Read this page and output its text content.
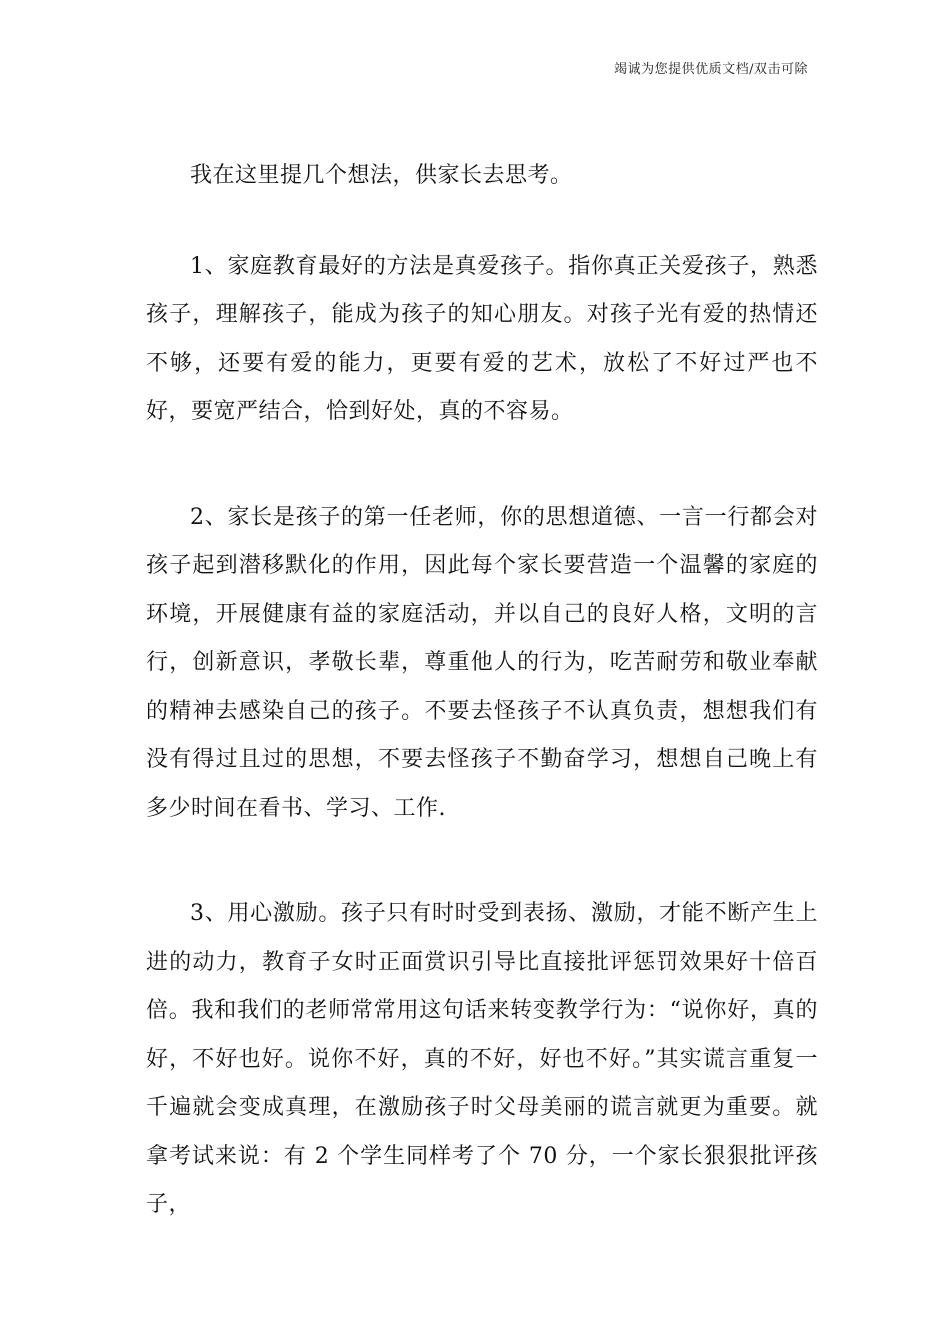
竭诚为您提供优质文档/双击可除

我在这里提几个想法，供家长去思考。

1、家庭教育最好的方法是真爱孩子。指你真正关爱孩子，熟悉孩子，理解孩子，能成为孩子的知心朋友。对孩子光有爱的热情还不够，还要有爱的能力，更要有爱的艺术，放松了不好过严也不好，要宽严结合，恰到好处，真的不容易。

2、家长是孩子的第一任老师，你的思想道德、一言一行都会对孩子起到潜移默化的作用，因此每个家长要营造一个温馨的家庭的环境，开展健康有益的家庭活动，并以自己的良好人格，文明的言行，创新意识，孝敬长辈，尊重他人的行为，吃苦耐劳和敬业奉献的精神去感染自己的孩子。不要去怪孩子不认真负责，想想我们有没有得过且过的思想，不要去怪孩子不勤奋学习，想想自己晚上有多少时间在看书、学习、工作.

3、用心激励。孩子只有时时受到表扬、激励，才能不断产生上进的动力，教育子女时正面赏识引导比直接批评惩罚效果好十倍百倍。我和我们的老师常常用这句话来转变教学行为：“说你好，真的好，不好也好。说你不好，真的不好，好也不好。”其实谎言重复一千遍就会变成真理，在激励孩子时父母美丽的谎言就更为重要。就拿考试来说：有 2 个学生同样考了个 70 分，一个家长狠狠批评孩子，
